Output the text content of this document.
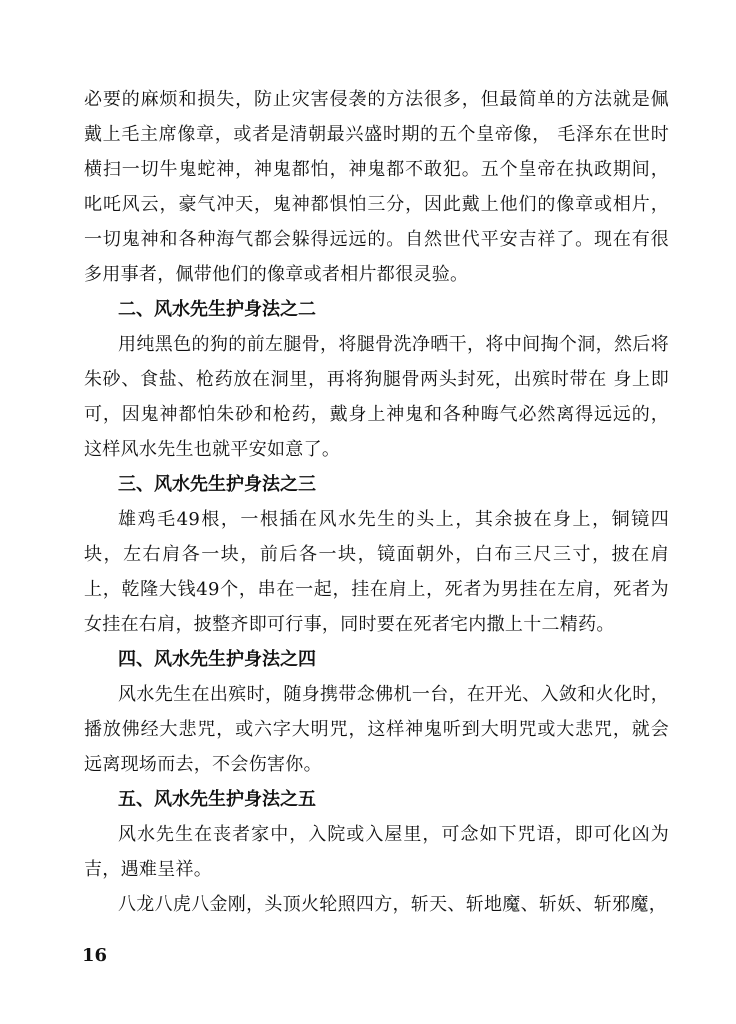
必要的麻烦和损失，防止灾害侵袭的方法很多，但最简单的方法就是佩戴上毛主席像章，或者是清朝最兴盛时期的五个皇帝像， 毛泽东在世时横扫一切牛鬼蛇神，神鬼都怕，神鬼都不敢犯。五个皇帝在执政期间，叱吒风云，豪气冲天，鬼神都惧怕三分，因此戴上他们的像章或相片，一切鬼神和各种海气都会躲得远远的。自然世代平安吉祥了。现在有很多用事者，佩带他们的像章或者相片都很灵验。

二、风水先生护身法之二

用纯黑色的狗的前左腿骨，将腿骨洗净晒干，将中间掏个洞，然后将朱砂、食盐、枪药放在洞里，再将狗腿骨两头封死，出殡时带在 身上即可，因鬼神都怕朱砂和枪药，戴身上神鬼和各种晦气必然离得远远的，这样风水先生也就平安如意了。

三、风水先生护身法之三

雄鸡毛49根，一根插在风水先生的头上，其余披在身上，铜镜四块，左右肩各一块，前后各一块，镜面朝外，白布三尺三寸，披在肩上，乾隆大钱49个，串在一起，挂在肩上，死者为男挂在左肩，死者为女挂在右肩，披整齐即可行事，同时要在死者宅内撒上十二精药。

四、风水先生护身法之四

风水先生在出殡时，随身携带念佛机一台，在开光、入敛和火化时，播放佛经大悲咒，或六字大明咒，这样神鬼听到大明咒或大悲咒，就会远离现场而去，不会伤害你。

五、风水先生护身法之五

风水先生在丧者家中，入院或入屋里，可念如下咒语，即可化凶为吉，遇难呈祥。

八龙八虎八金刚，头顶火轮照四方，斩天、斩地魔、斩妖、斩邪魔，

16
